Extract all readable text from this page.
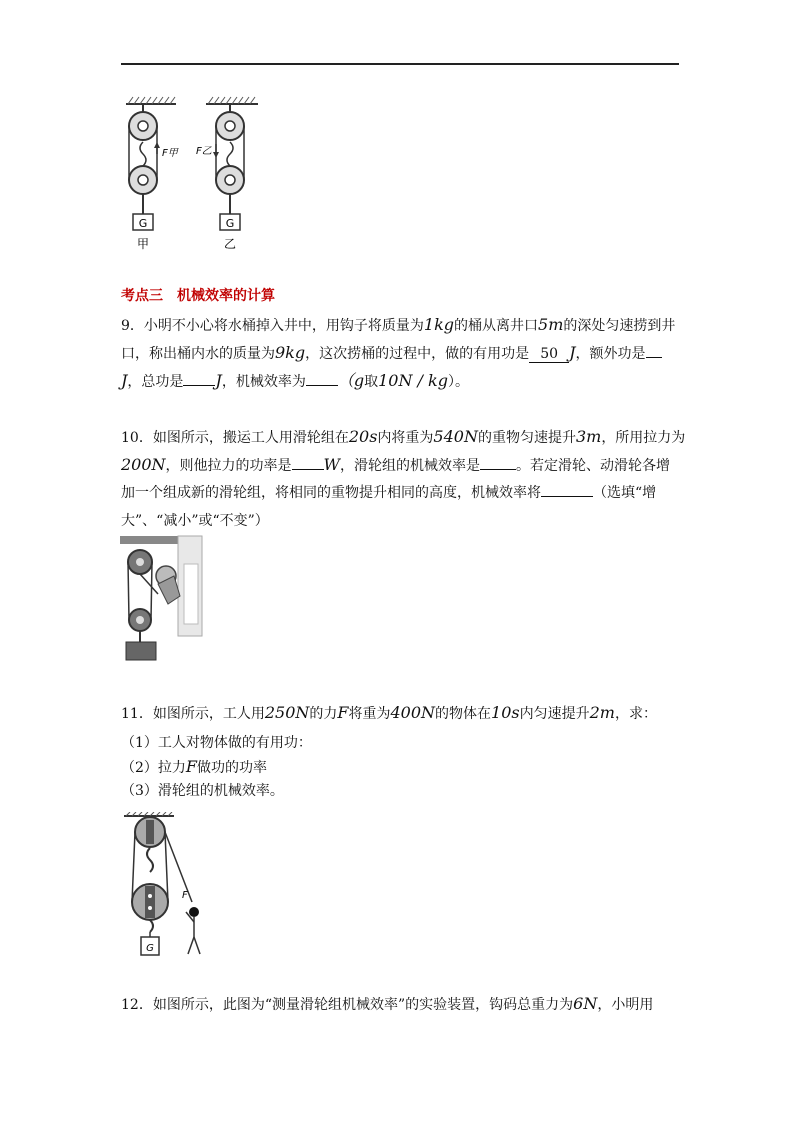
G
F甲
甲
G
F乙
乙
考点三　机械效率的计算
9．小明不小心将水桶掉入井中，用钩子将质量为1kg的桶从离井口5m的深处匀速捞到井
口，称出桶内水的质量为9kg，这次捞桶的过程中，做的有用功是 50 J，额外功是
J，总功是 J，机械效率为 （g取10N / kg）。
10．如图所示，搬运工人用滑轮组在20s内将重为540N的重物匀速提升3m，所用拉力为
200N，则他拉力的功率是 W，滑轮组的机械效率是	。若定滑轮、动滑轮各增
加一个组成新的滑轮组，将相同的重物提升相同的高度，机械效率将	（选填“增
大”、“减小”或“不变”）
11．如图所示，工人用250N的力F将重为400N的物体在10s内匀速提升2m，求：
（1）工人对物体做的有用功：
（2）拉力F做功的功率
（3）滑轮组的机械效率。
G
F
12．如图所示，此图为“测量滑轮组机械效率”的实验装置，钩码总重力为6N，小明用
